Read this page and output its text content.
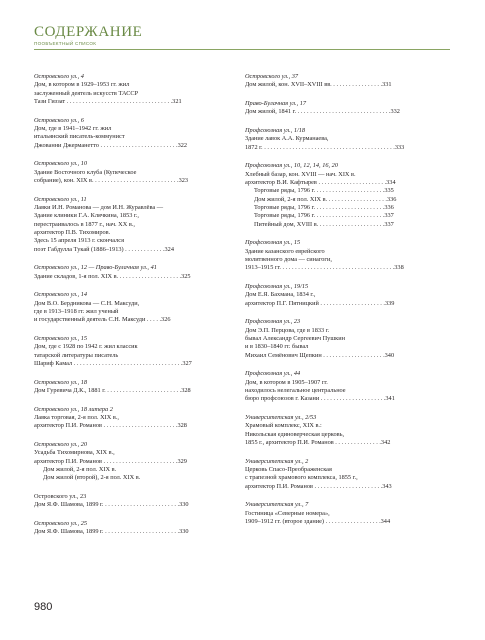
СОДЕРЖАНИЕ
ПООБЪЕКТНЫЙ СПИСОК
Островского ул., 4
Дом, в котором в 1929–1953 гг. жил
заслуженный деятель искусств ТАССР
Тази Гиззат . . . . . . . . . . . . . . . . . . . . . . . . . . . . . . . . . .321
Островского ул., 6
Дом, где в 1941–1942 гг. жил
итальянский писатель-коммунист
Джованни Джерманетто . . . . . . . . . . . . . . . . . . . . . . . . .322
Островского ул., 10
Здание Восточного клуба (Купеческое
собрание), кон. XIX в. . . . . . . . . . . . . . . . . . . . . . . . . . . .323
Островского ул., 11
Лавки И.Н. Романова — дом И.Н. Журавлёва —
Здание клиники Г.А. Клячкина, 1853 г.,
перестраивалось в 1877 г., нач. XX в.,
архитектор П.В. Тихомиров.
Здесь 15 апреля 1913 г. скончался
поэт Габдулла Тукай (1886–1913) . . . . . . . . . . . . .324
Островского ул., 12 — Право-Булачная ул., 41
Здание складов, 1-я пол. XIX в. . . . . . . . . . . . . . . . . . . . .325
Островского ул., 14
Дом В.О. Бердникова — С.Н. Максуди,
где в 1913–1918 гг. жил ученый
и государственный деятель С.Н. Максуди . . . . .326
Островского ул., 15
Дом, где с 1928 по 1942 г. жил классик
татарской литературы писатель
Шариф Камал . . . . . . . . . . . . . . . . . . . . . . . . . . . . . . . . . . .327
Островского ул., 18
Дом Гуревича Д.К., 1881 г. . . . . . . . . . . . . . . . . . . . . . . . .328
Островского ул., 18 литера 2
Лавка торговая, 2-я пол. XIX в.,
архитектор П.И. Романов . . . . . . . . . . . . . . . . . . . . . . . .328
Островского ул., 20
Усадьба Тихомирнова, XIX в.,
архитектор П.И. Романов . . . . . . . . . . . . . . . . . . . . . . . .329
Дом жилой, 2-я пол. XIX в.
Дом жилой (второй), 2-я пол. XIX в.
Островского ул., 23
Дом Я.Ф. Шамова, 1899 г. . . . . . . . . . . . . . . . . . . . . . . . .330
Островского ул., 25
Дом Я.Ф. Шамова, 1899 г. . . . . . . . . . . . . . . . . . . . . . . . .330
Островского ул., 37
Дом жилой, кон. XVII–XVIII вв. . . . . . . . . . . . . . . . .331
Право-Булачная ул., 17
Дом жилой, 1841 г. . . . . . . . . . . . . . . . . . . . . . . . . . . . . . .332
Профсоюзная ул., 1/18
Здание лавок А.А. Курманаева,
1872 г. . . . . . . . . . . . . . . . . . . . . . . . . . . . . . . . . . . . . . . . . . .333
Профсоюзная ул., 10, 12, 14, 16, 20
Хлебный базар, кон. XVIII — нач. XIX в.
архитектор В.И. Кафтырев . . . . . . . . . . . . . . . . . . . . . .334
Торговые ряды, 1796 г. . . . . . . . . . . . . . . . . . . . . . .335
Дом жилой, 2-я пол. XIX в. . . . . . . . . . . . . . . . . . . .336
Торговые ряды, 1796 г. . . . . . . . . . . . . . . . . . . . . . .336
Торговые ряды, 1796 г. . . . . . . . . . . . . . . . . . . . . . .337
Питейный дом, XVIII в. . . . . . . . . . . . . . . . . . . . . .337
Профсоюзная ул., 15
Здание казанского еврейского
молитвенного дома — синагоги,
1913–1915 гг. . . . . . . . . . . . . . . . . . . . . . . . . . . . . . . . . . . . .338
Профсоюзная ул., 19/15
Дом Е.Я. Бахмана, 1834 г.,
архитектор П.Г. Пятницкий . . . . . . . . . . . . . . . . . . . . .339
Профсоюзная ул., 23
Дом Э.П. Перцова, где в 1833 г.
бывал Александр Сергеевич Пушкин
и в 1830–1840 гг. бывал
Михаил Семёнович Щепкин . . . . . . . . . . . . . . . . . . . .340
Профсоюзная ул., 44
Дом, в котором в 1905–1907 гг.
находилось нелегальное центральное
бюро профсоюзов г. Казани . . . . . . . . . . . . . . . . . . . . .341
Университетская ул., 2/53
Храмовый комплекс, XIX в.:
Никольская единоверческая церковь,
1855 г., архитектор П.И. Романов . . . . . . . . . . . . . . .342
Университетская ул., 2
Церковь Спасо-Преображенская
с трапезной храмового комплекса, 1855 г.,
архитектор П.И. Романов . . . . . . . . . . . . . . . . . . . . . .343
Университетская ул., 7
Гостиница «Северные номера»,
1909–1912 гг. (второе здание) . . . . . . . . . . . . . . . . . .344
980
